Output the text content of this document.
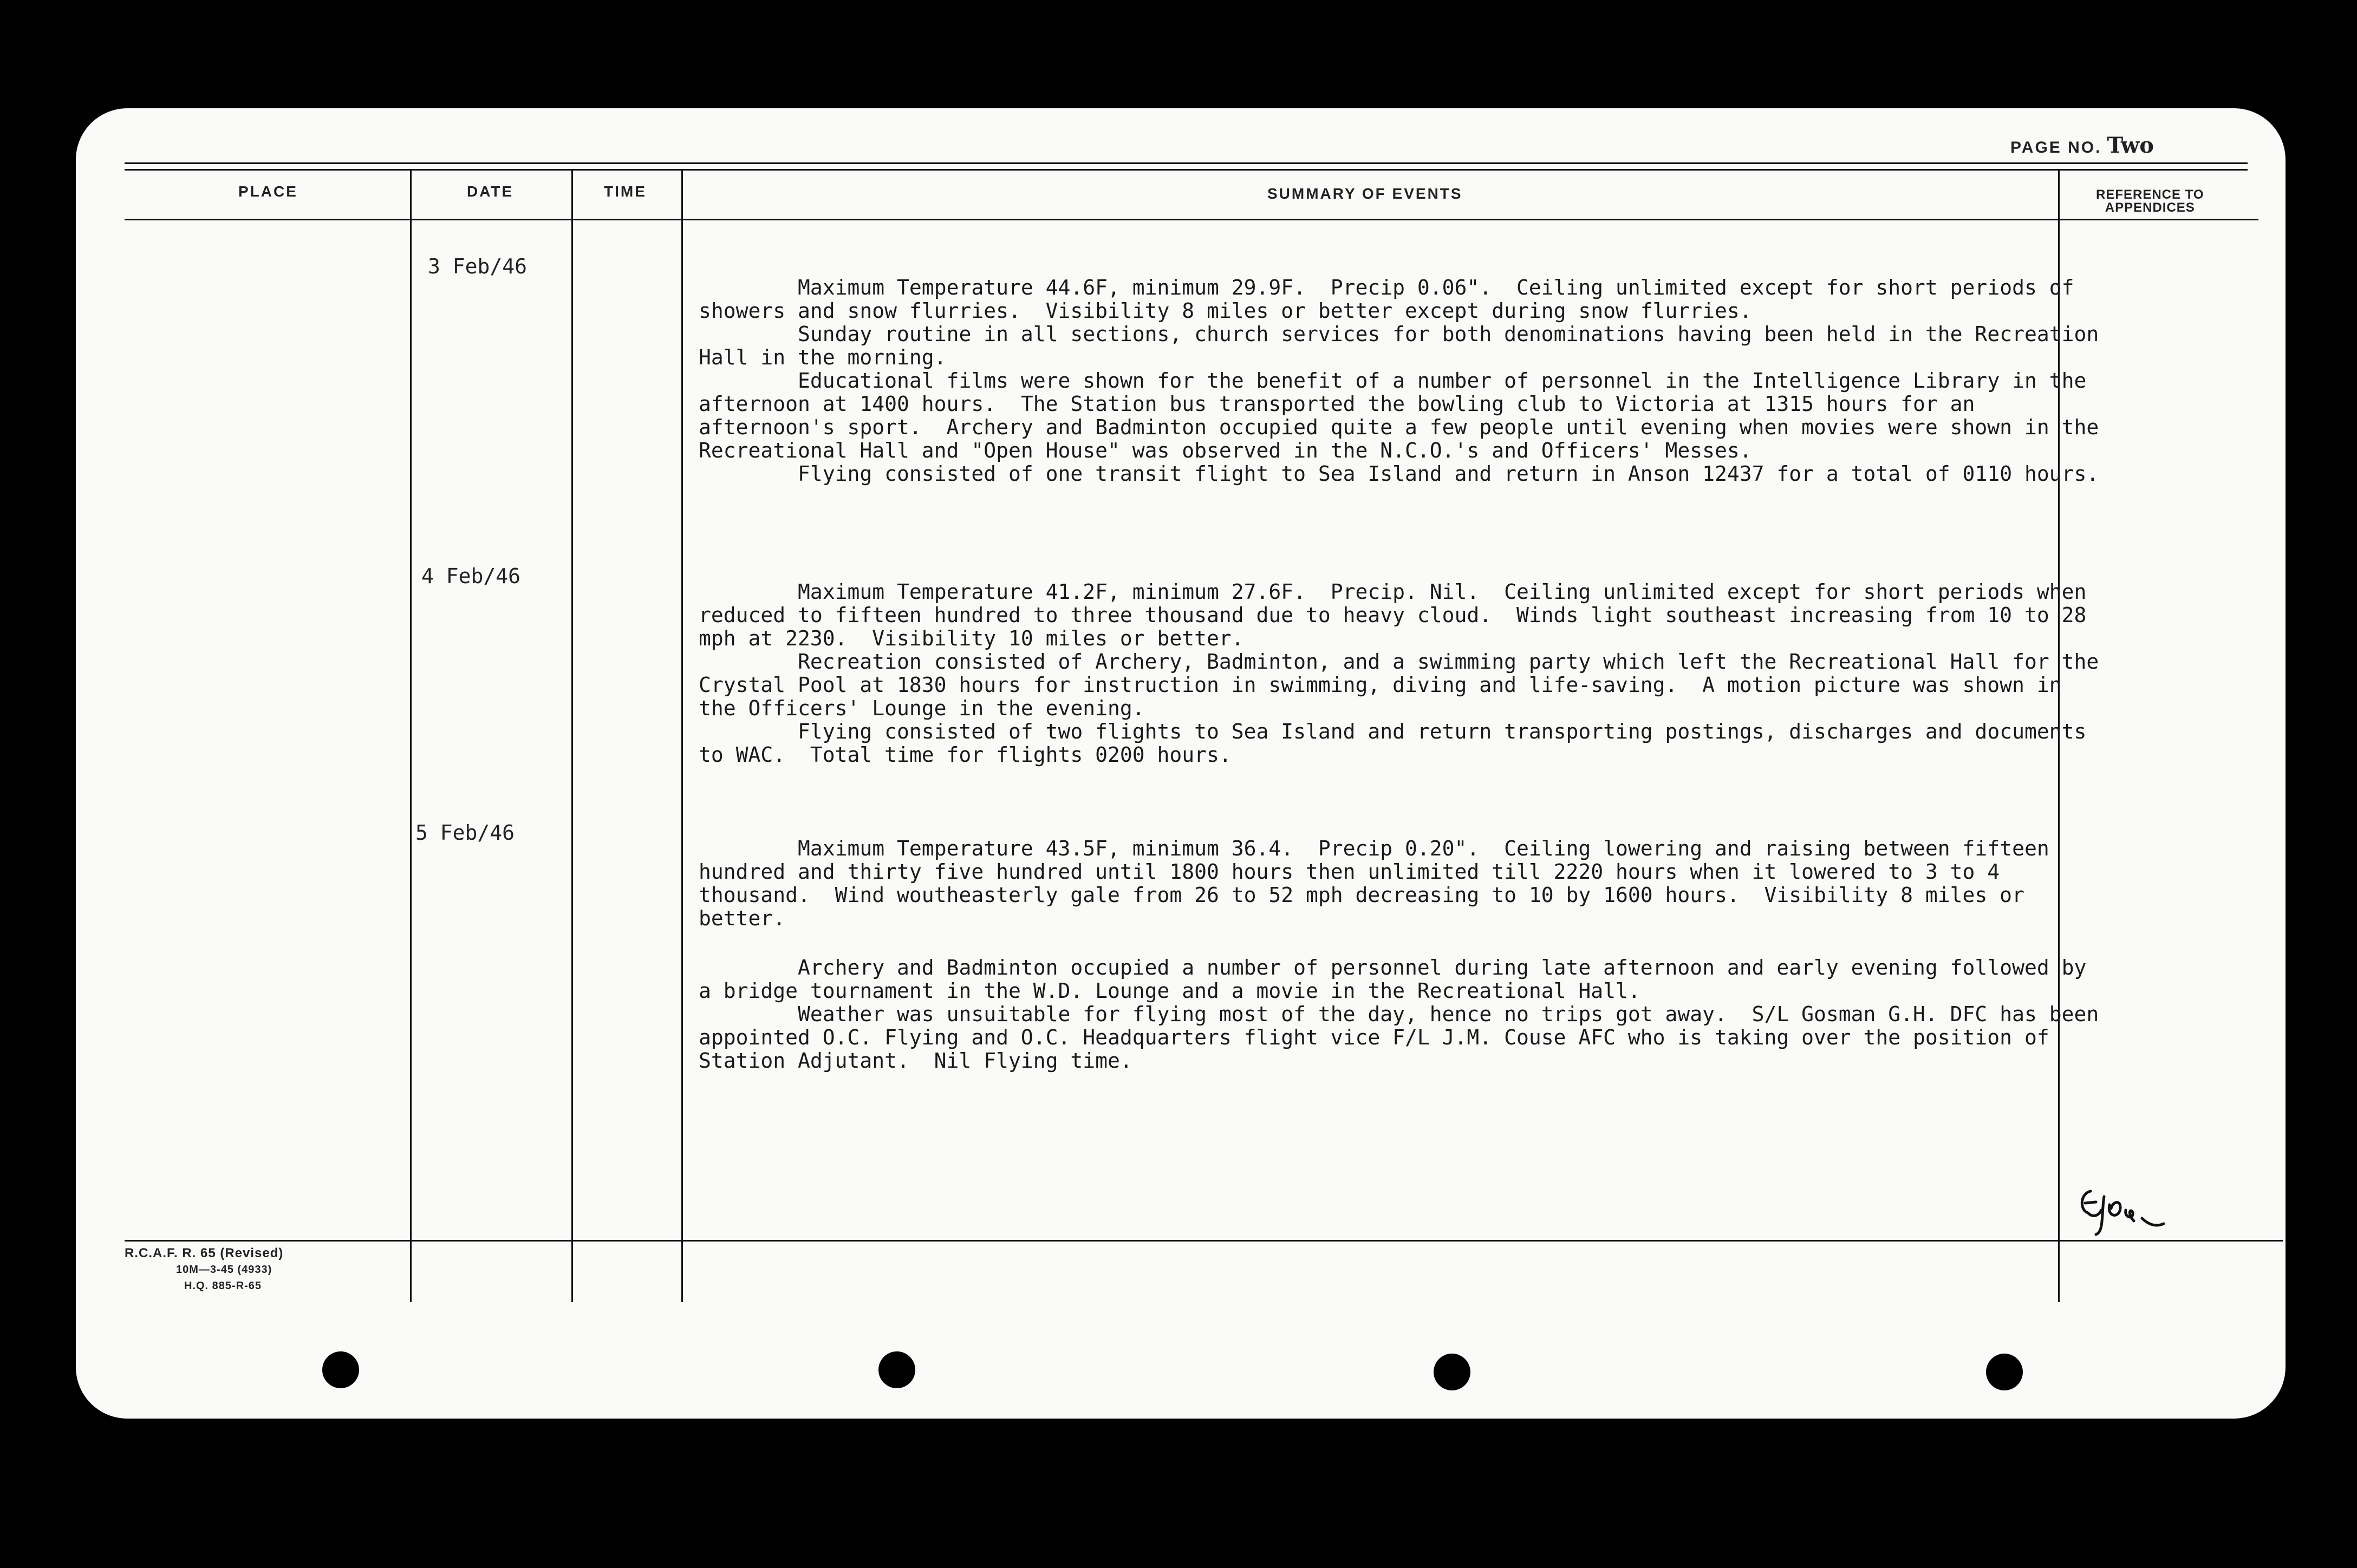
PAGE NO. Two
PLACE	DATE	TIME	SUMMARY OF EVENTS	REFERENCE TO
APPENDICES
3 Feb/46

Maximum Temperature 44.6F, minimum 29.9F.  Precip 0.06".  Ceiling unlimited except for short periods of showers and snow flurries.  Visibility 8 miles or better except during snow flurries.

Sunday routine in all sections, church services for both denominations having been held in the Recreation Hall in the morning.

Educational films were shown for the benefit of a number of personnel in the Intelligence Library in the afternoon at 1400 hours.  The Station bus transported the bowling club to Victoria at 1315 hours for an afternoon's sport.  Archery and Badminton occupied quite a few people until evening when movies were shown in the Recreational Hall and "Open House" was observed in the N.C.O.'s and Officers' Messes.

Flying consisted of one transit flight to Sea Island and return in Anson 12437 for a total of 0110 hours.

4 Feb/46

Maximum Temperature 41.2F, minimum 27.6F.  Precip. Nil.  Ceiling unlimited except for short periods when reduced to fifteen hundred to three thousand due to heavy cloud.  Winds light southeast increasing from 10 to 28 mph at 2230.  Visibility 10 miles or better.

Recreation consisted of Archery, Badminton, and a swimming party which left the Recreational Hall for the Crystal Pool at 1830 hours for instruction in swimming, diving and life-saving.  A motion picture was shown in the Officers' Lounge in the evening.

Flying consisted of two flights to Sea Island and return transporting postings, discharges and documents to WAC.  Total time for flights 0200 hours.

5 Feb/46

Maximum Temperature 43.5F, minimum 36.4.  Precip 0.20".  Ceiling lowering and raising between fifteen hundred and thirty five hundred until 1800 hours then unlimited till 2220 hours when it lowered to 3 to 4 thousand.  Wind woutheasterly gale from 26 to 52 mph decreasing to 10 by 1600 hours.  Visibility 8 miles or better.

Archery and Badminton occupied a number of personnel during late afternoon and early evening followed by a bridge tournament in the W.D. Lounge and a movie in the Recreational Hall.

Weather was unsuitable for flying most of the day, hence no trips got away.  S/L Gosman G.H. DFC has been appointed O.C. Flying and O.C. Headquarters flight vice F/L J.M. Couse AFC who is taking over the position of Station Adjutant.  Nil Flying time.

R.C.A.F. R. 65 (Revised)
10M—3-45 (4933)
H.Q. 885-R-65
